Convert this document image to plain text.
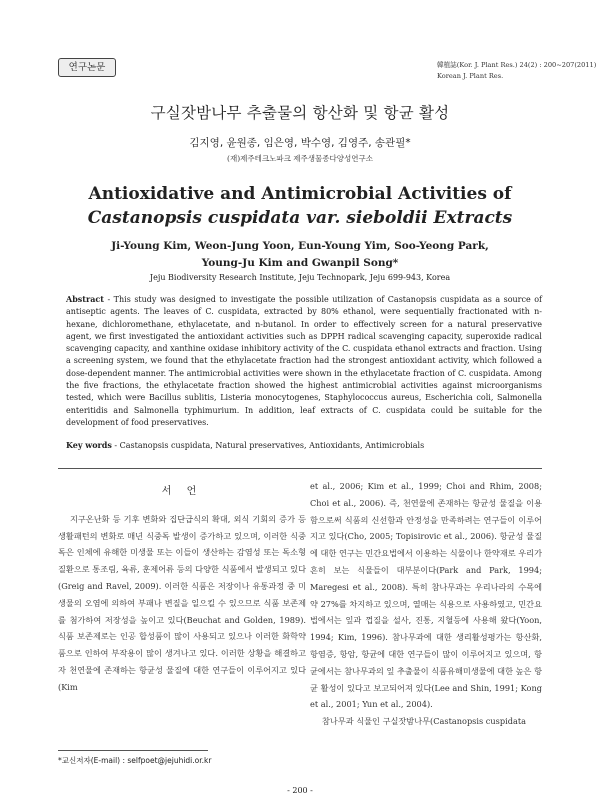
연구논문	韓植誌(Kor. J. Plant Res.) 24(2) : 200~207(2011)
Korean J. Plant Res.
구실잣밤나무 추출물의 항산화 및 항균 활성
김지영, 윤원종, 임은영, 박수영, 김영주, 송관필*
(재)제주테크노파크 제주생물종다양성연구소
Antioxidative and Antimicrobial Activities of
Castanopsis cuspidata var. sieboldii Extracts
Ji-Young Kim, Weon-Jung Yoon, Eun-Young Yim, Soo-Yeong Park,
Young-Ju Kim and Gwanpil Song*
Jeju Biodiversity Research Institute, Jeju Technopark, Jeju 699-943, Korea
Abstract - This study was designed to investigate the possible utilization of Castanopsis cuspidata as a source of antiseptic agents. The leaves of C. cuspidata, extracted by 80% ethanol, were sequentially fractionated with n-hexane, dichloromethane, ethylacetate, and n-butanol. In order to effectively screen for a natural preservative agent, we first investigated the antioxidant activities such as DPPH radical scavenging capacity, superoxide radical scavenging capacity, and xanthine oxidase inhibitory activity of the C. cuspidata ethanol extracts and fraction. Using a screening system, we found that the ethylacetate fraction had the strongest antioxidant activity, which followed a dose-dependent manner. The antimicrobial activities were shown in the ethylacetate fraction of C. cuspidata. Among the five fractions, the ethylacetate fraction showed the highest antimicrobial activities against microorganisms tested, which were Bacillus sublitis, Listeria monocytogenes, Staphylococcus aureus, Escherichia coli, Salmonella enteritidis and Salmonella typhimurium. In addition, leaf extracts of C. cuspidata could be suitable for the development of food preservatives.
Key words - Castanopsis cuspidata, Natural preservatives, Antioxidants, Antimicrobials
서 언

지구온난화 등 기후 변화와 집단급식의 확대, 외식 기회의 증가 등 생활패턴의 변화로 매년 식중독 발생이 증가하고 있으며, 이러한 식중독은 인체에 유해한 미생물 또는 이들이 생산하는 감염성 또는 독소형 질환으로 통조림, 육류, 훈제어류 등의 다양한 식품에서 발생되고 있다(Greig and Ravel, 2009). 이러한 식품은 저장이나 유통과정 중 미생물의 오염에 의하여 부패나 변질을 일으킬 수 있으므로 식품 보존제를 첨가하여 저장성을 높이고 있다(Beuchat and Golden, 1989). 식품 보존제로는 인공 합성품이 많이 사용되고 있으나 이러한 화학약품으로 인하여 부작용이 많이 생겨나고 있다. 이러한 상황을 해결하고자 천연물에 존재하는 항균성 물질에 대한 연구들이 이루어지고 있다(Kim

et al., 2006; Kim et al., 1999; Choi and Rhim, 2008; Choi et al., 2006). 즉, 천연물에 존재하는 항균성 물질을 이용함으로써 식품의 신선함과 안정성을 만족하려는 연구들이 이루어지고 있다(Cho, 2005; Topisirovic et al., 2006). 항균성 물질에 대한 연구는 민간요법에서 이용하는 식물이나 한약재로 우리가 흔히 보는 식물들이 대부분이다(Park and Park, 1994; Maregesi et al., 2008). 특히 참나무과는 우리나라의 수목에 약 27%를 차지하고 있으며, 열매는 식용으로 사용하였고, 민간요법에서는 잎과 껍질을 설사, 진통, 지혈등에 사용해 왔다(Yoon, 1994; Kim, 1996). 참나무과에 대한 생리활성평가는 항산화, 항염증, 항암, 항균에 대한 연구들이 많이 이루어지고 있으며, 항균에서는 참나무과의 잎 추출물이 식품유해미생물에 대한 높은 항균 활성이 있다고 보고되어져 있다(Lee and Shin, 1991; Kong et al., 2001; Yun et al., 2004).

참나무과 식물인 구실잣밤나무(Castanopsis cuspidata

*교신저자(E-mail) : selfpoet@jejuhidi.or.kr
- 200 -
